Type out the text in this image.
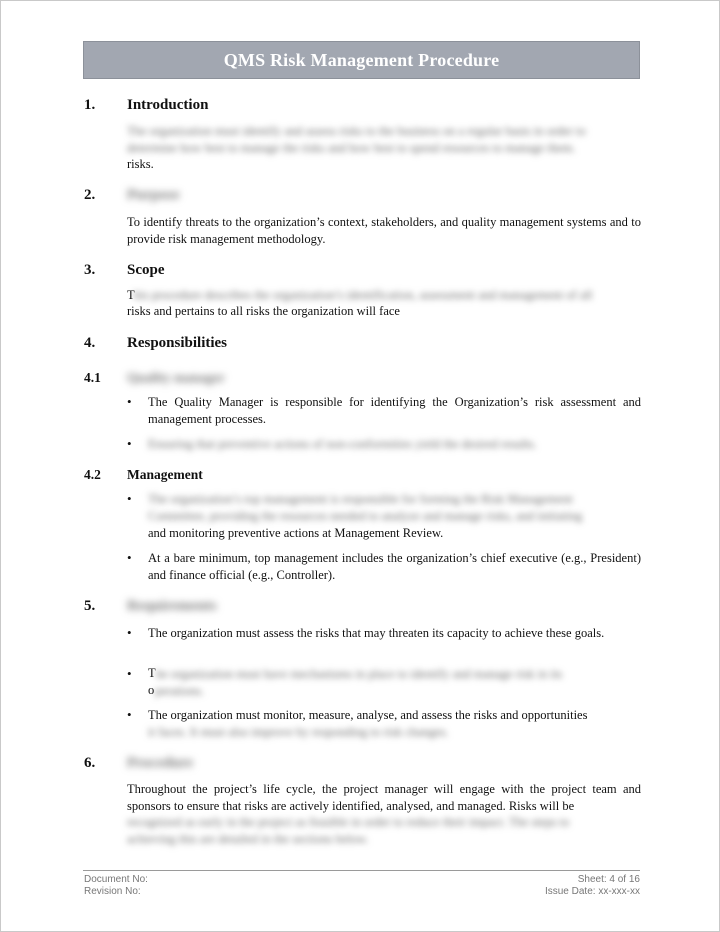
QMS Risk Management Procedure
1. Introduction
The organization must identify and assess risks to the business on a regular basis in order to
determine how best to manage the risks and how best to spend resources to manage them.
risks.
2. Purpose
To identify threats to the organization’s context, stakeholders, and quality management systems and to provide risk management methodology.
3. Scope
T his procedure describes the organization’s identification, assessment and management of all
risks and pertains to all risks the organization will face
4. Responsibilities
4.1 Quality manager
• The Quality Manager is responsible for identifying the Organization’s risk assessment and management processes.
• Ensuring that preventive actions of non-conformities yield the desired results.
4.2 Management
• The organization’s top management is responsible for forming the Risk Management
Committee, providing the resources needed to analyze and manage risks, and initiating
and monitoring preventive actions at Management Review.
• At a bare minimum, top management includes the organization’s chief executive (e.g., President) and finance official (e.g., Controller).
5. Requirements
• The organization must assess the risks that may threaten its capacity to achieve these goals.
• T he organization must have mechanisms in place to identify and manage risk in its
o perations.
• The organization must monitor, measure, analyse, and assess the risks and opportunities
it faces. It must also improve by responding to risk changes.
6. Procedure
Throughout the project’s life cycle, the project manager will engage with the project team and sponsors to ensure that risks are actively identified, analysed, and managed. Risks will be
recognized as early in the project as feasible in order to reduce their impact. The steps to
achieving this are detailed in the sections below.
Document No:
Revision No:
Sheet: 4 of 16
Issue Date: xx-xxx-xx
